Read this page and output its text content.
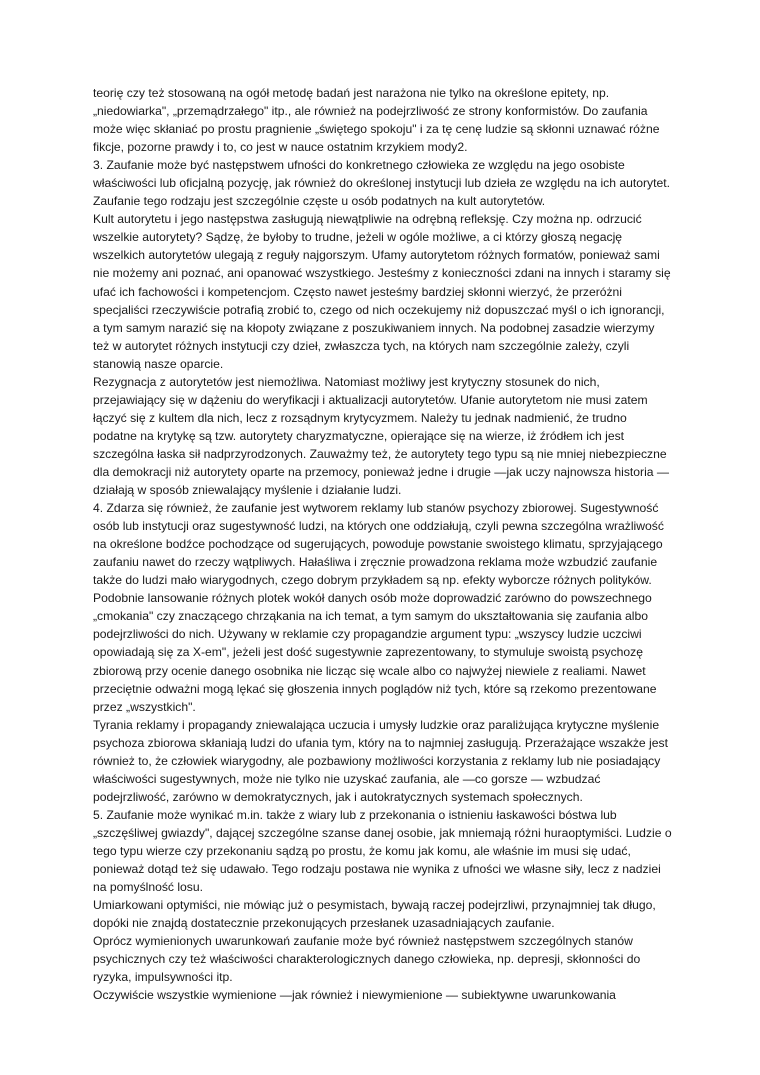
teorię czy też stosowaną na ogół metodę badań jest narażona nie tylko na określone epitety, np. „niedowiarka", „przemądrzałego" itp., ale również na podejrzliwość ze strony konformistów. Do zaufania może więc skłaniać po prostu pragnienie „świętego spokoju" i za tę cenę ludzie są skłonni uznawać różne fikcje, pozorne prawdy i to, co jest w nauce ostatnim krzykiem mody2.

3. Zaufanie może być następstwem ufności do konkretnego człowieka ze względu na jego osobiste właściwości lub oficjalną pozycję, jak również do określonej instytucji lub dzieła ze względu na ich autorytet. Zaufanie tego rodzaju jest szczególnie częste u osób podatnych na kult autorytetów.

Kult autorytetu i jego następstwa zasługują niewątpliwie na odrębną refleksję. Czy można np. odrzucić wszelkie autorytety? Sądzę, że byłoby to trudne, jeżeli w ogóle możliwe, a ci którzy głoszą negację wszelkich autorytetów ulegają z reguły najgorszym. Ufamy autorytetom różnych formatów, ponieważ sami nie możemy ani poznać, ani opanować wszystkiego. Jesteśmy z konieczności zdani na innych i staramy się ufać ich fachowości i kompetencjom. Często nawet jesteśmy bardziej skłonni wierzyć, że przeróżni specjaliści rzeczywiście potrafią zrobić to, czego od nich oczekujemy niż dopuszczać myśl o ich ignorancji, a tym samym narazić się na kłopoty związane z poszukiwaniem innych. Na podobnej zasadzie wierzymy też w autorytet różnych instytucji czy dzieł, zwłaszcza tych, na których nam szczególnie zależy, czyli stanowią nasze oparcie.

Rezygnacja z autorytetów jest niemożliwa. Natomiast możliwy jest krytyczny stosunek do nich, przejawiający się w dążeniu do weryfikacji i aktualizacji autorytetów. Ufanie autorytetom nie musi zatem łączyć się z kultem dla nich, lecz z rozsądnym krytycyzmem. Należy tu jednak nadmienić, że trudno podatne na krytykę są tzw. autorytety charyzmatyczne, opierające się na wierze, iż źródłem ich jest szczególna łaska sił nadprzyrodzonych. Zauważmy też, że autorytety tego typu są nie mniej niebezpieczne dla demokracji niż autorytety oparte na przemocy, ponieważ jedne i drugie —jak uczy najnowsza historia — działają w sposób zniewalający myślenie i działanie ludzi.

4. Zdarza się również, że zaufanie jest wytworem reklamy lub stanów psychozy zbiorowej. Sugestywność osób lub instytucji oraz sugestywność ludzi, na których one oddziałują, czyli pewna szczególna wrażliwość na określone bodźce pochodzące od sugerujących, powoduje powstanie swoistego klimatu, sprzyjającego zaufaniu nawet do rzeczy wątpliwych. Hałaśliwa i zręcznie prowadzona reklama może wzbudzić zaufanie także do ludzi mało wiarygodnych, czego dobrym przykładem są np. efekty wyborcze różnych polityków. Podobnie lansowanie różnych plotek wokół danych osób może doprowadzić zarówno do powszechnego „cmokania" czy znaczącego chrząkania na ich temat, a tym samym do ukształtowania się zaufania albo podejrzliwości do nich. Używany w reklamie czy propagandzie argument typu: „wszyscy ludzie uczciwi opowiadają się za X-em", jeżeli jest dość sugestywnie zaprezentowany, to stymuluje swoistą psychozę zbiorową przy ocenie danego osobnika nie licząc się wcale albo co najwyżej niewiele z realiami. Nawet przeciętnie odważni mogą lękać się głoszenia innych poglądów niż tych, które są rzekomo prezentowane przez „wszystkich".

Tyrania reklamy i propagandy zniewalająca uczucia i umysły ludzkie oraz paraliżująca krytyczne myślenie psychoza zbiorowa skłaniają ludzi do ufania tym, który na to najmniej zasługują. Przerażające wszakże jest również to, że człowiek wiarygodny, ale pozbawiony możliwości korzystania z reklamy lub nie posiadający właściwości sugestywnych, może nie tylko nie uzyskać zaufania, ale —co gorsze — wzbudzać podejrzliwość, zarówno w demokratycznych, jak i autokratycznych systemach społecznych.

5. Zaufanie może wynikać m.in. także z wiary lub z przekonania o istnieniu łaskawości bóstwa lub „szczęśliwej gwiazdy", dającej szczególne szanse danej osobie, jak mniemają różni huraoptymiści. Ludzie o tego typu wierze czy przekonaniu sądzą po prostu, że komu jak komu, ale właśnie im musi się udać, ponieważ dotąd też się udawało. Tego rodzaju postawa nie wynika z ufności we własne siły, lecz z nadziei na pomyślność losu.

Umiarkowani optymiści, nie mówiąc już o pesymistach, bywają raczej podejrzliwi, przynajmniej tak długo, dopóki nie znajdą dostatecznie przekonujących przesłanek uzasadniających zaufanie.

Oprócz wymienionych uwarunkowań zaufanie może być również następstwem szczególnych stanów psychicznych czy też właściwości charakterologicznych danego człowieka, np. depresji, skłonności do ryzyka, impulsywności itp.

Oczywiście wszystkie wymienione —jak również i niewymienione — subiektywne uwarunkowania
